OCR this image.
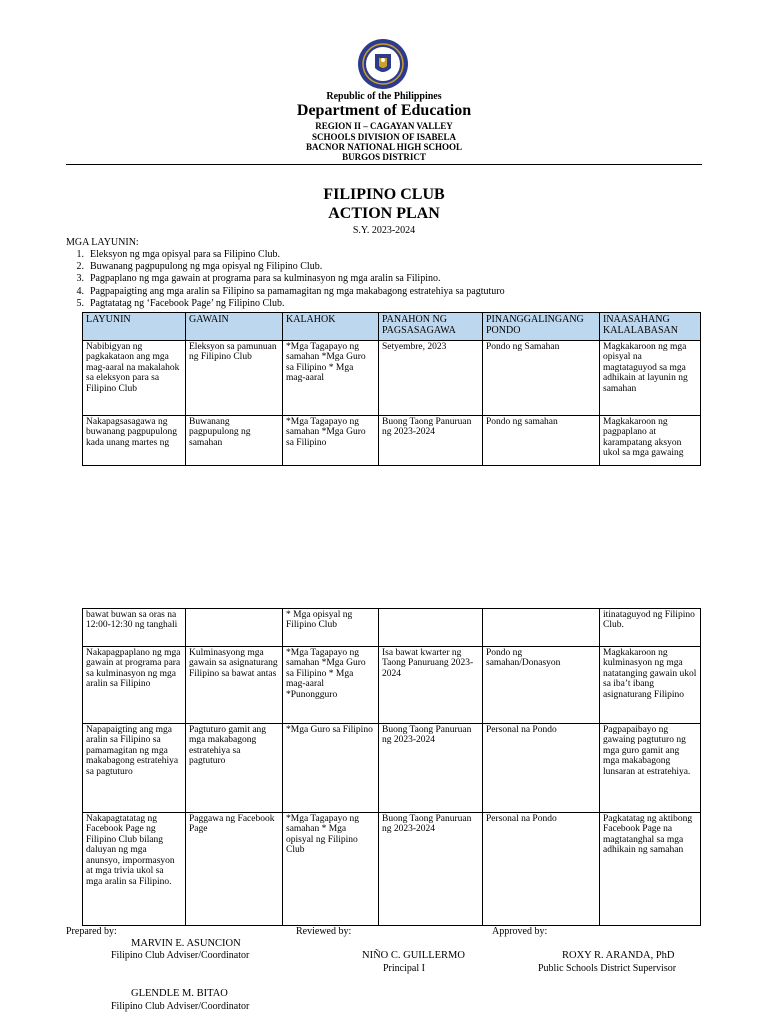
Republic of the Philippines
Department of Education
REGION II – CAGAYAN VALLEY
SCHOOLS DIVISION OF ISABELA
BACNOR NATIONAL HIGH SCHOOL
BURGOS DISTRICT
FILIPINO CLUB
ACTION PLAN
S.Y. 2023-2024
MGA LAYUNIN:
1. Eleksyon ng mga opisyal para sa Filipino Club.
2. Buwanang pagpupulong ng mga opisyal ng Filipino Club.
3. Pagpaplano ng mga gawain at programa para sa kulminasyon ng mga aralin sa Filipino.
4. Pagpapaigting ang mga aralin sa Filipino sa pamamagitan ng mga makabagong estratehiya sa pagtuturo
5. Pagtatatag ng ‘Facebook Page’ ng Filipino Club.
LAYUNIN	GAWAIN	KALAHOK	PANAHON NG PAGSASAGAWA	PINANGGALINGANG PONDO	INAASAHANG KALALABASAN
Nabibigyan ng pagkakataon ang mga mag-aaral na makalahok sa eleksyon para sa Filipino Club	Eleksyon sa pamunuan ng Filipino Club	*Mga Tagapayo ng samahan *Mga Guro sa Filipino * Mga mag-aaral	Setyembre, 2023	Pondo ng Samahan	Magkakaroon ng mga opisyal na magtataguyod sa mga adhikain at layunin ng samahan
Nakapagsasagawa ng buwanang pagpupulong kada unang martes ng	Buwanang pagpupulong ng samahan	*Mga Tagapayo ng samahan *Mga Guro sa Filipino	Buong Taong Panuruan ng 2023-2024	Pondo ng samahan	Magkakaroon ng pagpaplano at karampatang aksyon ukol sa mga gawaing
bawat buwan sa oras na 12:00-12:30 ng tanghali		* Mga opisyal ng Filipino Club			itinataguyod ng Filipino Club.
Nakapagpaplano ng mga gawain at programa para sa kulminasyon ng mga aralin sa Filipino	Kulminasyong mga gawain sa asignaturang Filipino sa bawat antas	*Mga Tagapayo ng samahan *Mga Guro sa Filipino * Mga mag-aaral *Punongguro	Isa bawat kwarter ng Taong Panuruang 2023-2024	Pondo ng samahan/Donasyon	Magkakaroon ng kulminasyon ng mga natatanging gawain ukol sa iba’t ibang asignaturang Filipino
Napapaigting ang mga aralin sa Filipino sa pamamagitan ng mga makabagong estratehiya sa pagtuturo	Pagtuturo gamit ang mga makabagong estratehiya sa pagtuturo	*Mga Guro sa Filipino	Buong Taong Panuruan ng 2023-2024	Personal na Pondo	Pagpapaibayo ng gawaing pagtuturo ng mga guro gamit ang mga makabagong lunsaran at estratehiya.
Nakapagtatatag ng Facebook Page ng Filipino Club bilang daluyan ng mga anunsyo, impormasyon at mga trivia ukol sa mga aralin sa Filipino.	Paggawa ng Facebook Page	*Mga Tagapayo ng samahan * Mga opisyal ng Filipino Club	Buong Taong Panuruan ng 2023-2024	Personal na Pondo	Pagkatatag ng aktibong Facebook Page na magtatanghal sa mga adhikain ng samahan
Prepared by:	Reviewed by:	Approved by:
MARVIN E. ASUNCION
Filipino Club Adviser/Coordinator	NIÑO C. GUILLERMO
Principal I
ROXY R. ARANDA, PhD
Public Schools District Supervisor
GLENDLE M. BITAO
Filipino Club Adviser/Coordinator
